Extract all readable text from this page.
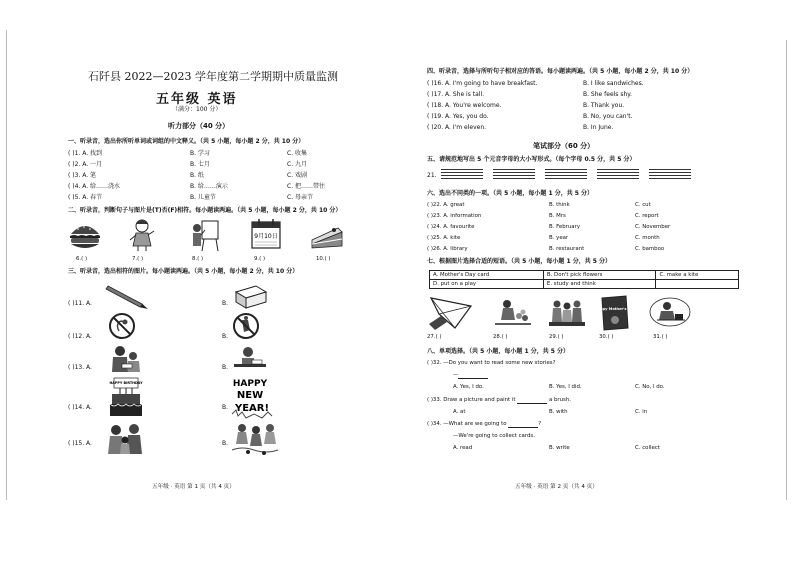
石阡县 2022—2023 学年度第二学期期中质量监测
五年级 英语
（满分：100 分）
听力部分（40 分）
一、听录音，选出你所听单词或词组的中文释义。（共 5 小题，每小题 2 分，共 10 分）
( )1. A. 找到	B. 学习	C. 收集
( )2. A. 一月	B. 七月	C. 九月
( )3. A. 笔	B. 纸	C. 戏剧
( )4. A. 给……浇水	B. 给……演示	C. 把……带往
( )5. A. 春节	B. 儿童节	C. 母亲节
二、听录音，判断句子与图片是(T)否(F)相符。每小题读两遍。（共 5 小题，每小题 2 分，共 10 分）
9月10日
6.( )	7.( )	8.( )	9.( )	10.( )
三、听录音，选出相符的图片。每小题读两遍。（共 5 小题，每小题 2 分，共 10 分）
( )11. A.	B.
( )12. A.	B.
( )13. A.	B.
( )14. A.
HAPPY BIRTHDAY
B.
HAPPY
NEW
YEAR!
( )15. A.	B.
五年级 · 英语 第 1 页（共 4 页）
四、听录音，选择与所听句子相对应的答语。每小题读两遍。（共 5 小题，每小题 2 分，共 10 分）
( )16. A. I'm going to have breakfast.	B. I like sandwiches.
( )17. A. She is tall.	B. She feels shy.
( )18. A. You're welcome.	B. Thank you.
( )19. A. Yes, you do.	B. No, you can't.
( )20. A. I'm eleven.	B. In June.
笔试部分（60 分）
五、请规范地写出 5 个元音字母的大小写形式。（每个字母 0.5 分，共 5 分）
21.
六、选出不同类的一项。（共 5 小题，每小题 1 分，共 5 分）
( )22. A. great	B. think	C. cut
( )23. A. information	B. Mrs	C. report
( )24. A. favourite	B. February	C. November
( )25. A. kite	B. year	C. month
( )26. A. library	B. restaurant	C. bamboo
七、根据图片选择合适的短语。（共 5 小题，每小题 1 分，共 5 分）
A. Mother's Day card	B. Don't pick flowers	C. make a kite
D. put on a play	E. study and think	
Happy Mother's Day
27.( )	28.( )	29.( )	30.( )	31.( )
八、单项选择。（共 5 小题，每小题 1 分，共 5 分）
( )32. —Do you want to read some new stories?
—
A. Yes, I do.	B. Yes, I did.	C. No, I do.
( )33. Draw a picture and paint it	a brush.
A. at	B. with	C. in
( )34. —What are we going to	?
—We're going to collect cards.
A. read	B. write	C. collect
五年级 · 英语 第 2 页（共 4 页）
